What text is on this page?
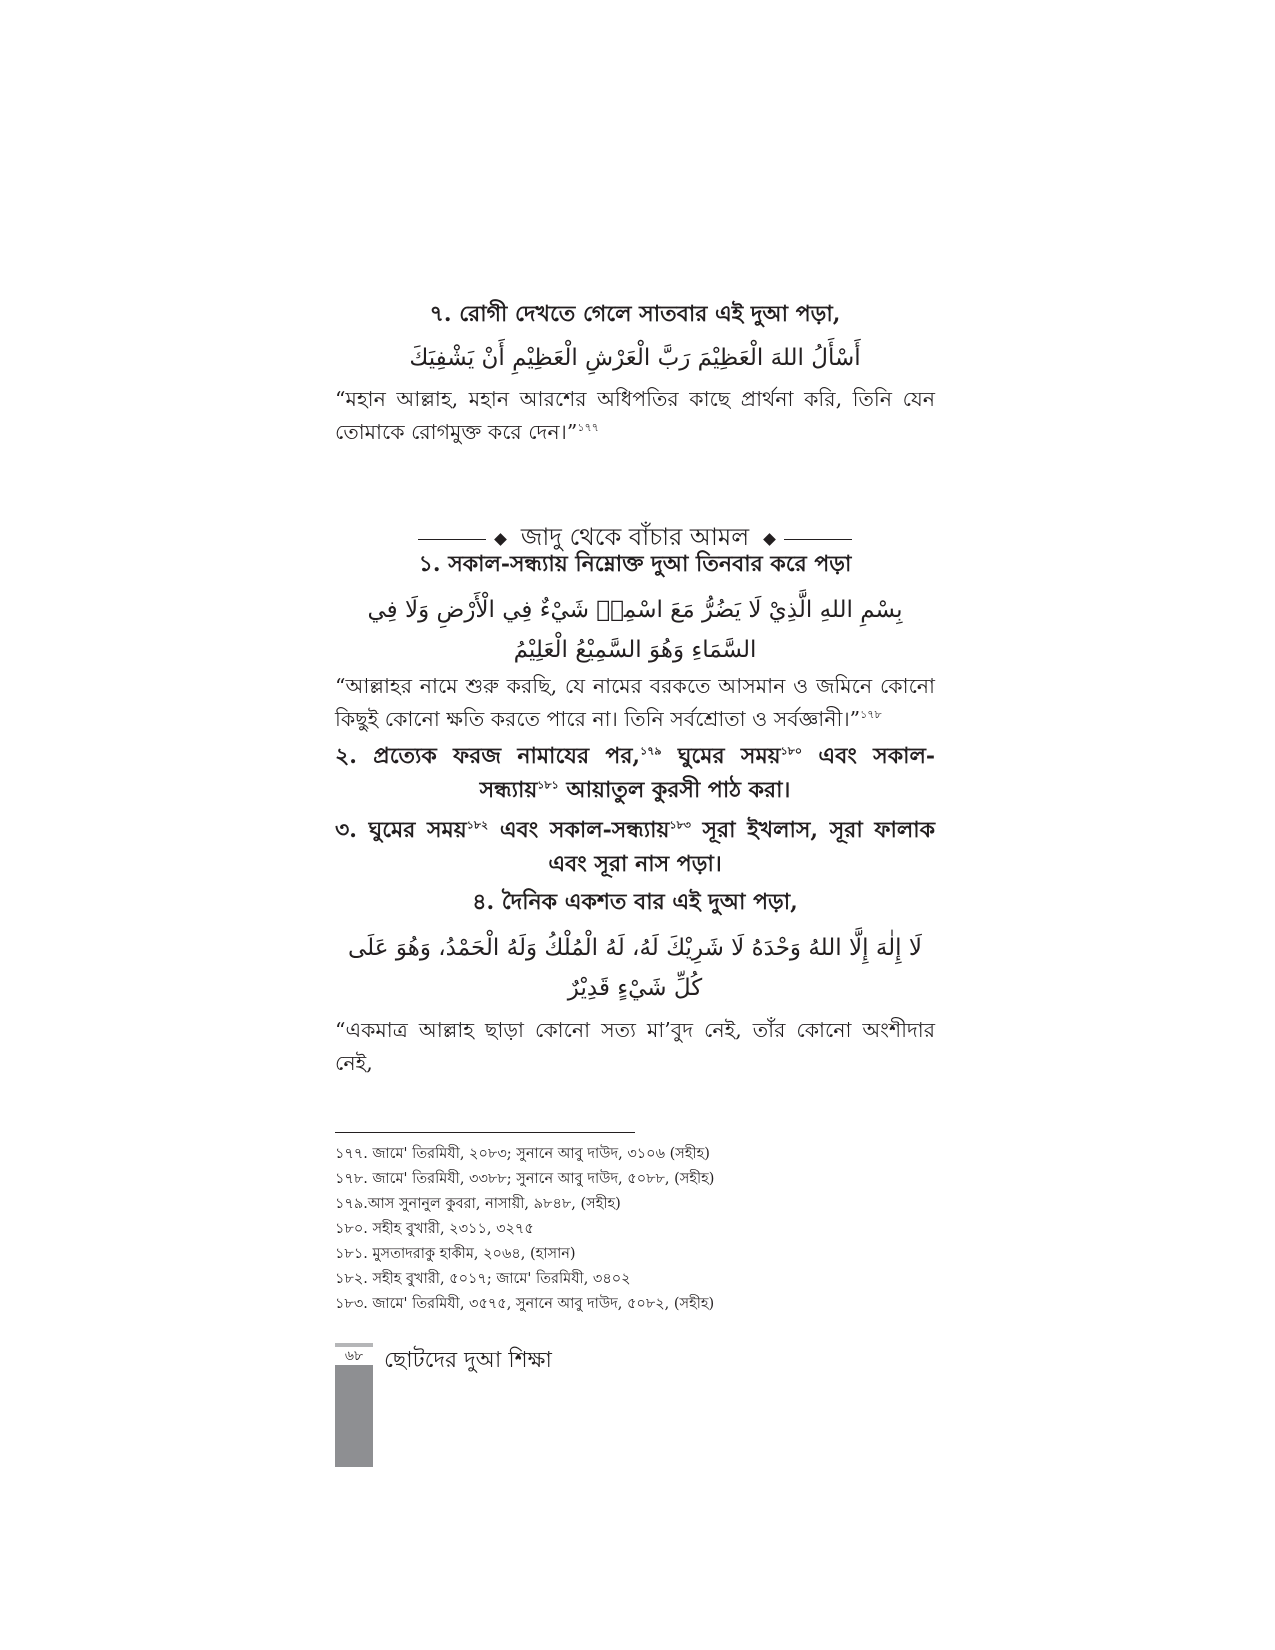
৭. রোগী দেখতে গেলে সাতবার এই দুআ পড়া,

أَسْأَلُ اللهَ الْعَظِيْمَ رَبَّ الْعَرْشِ الْعَظِيْمِ أَنْ يَشْفِيَكَ

“মহান আল্লাহ, মহান আরশের অধিপতির কাছে প্রার্থনা করি, তিনি যেন তোমাকে রোগমুক্ত করে দেন।”$^{১৭৭}$

জাদু থেকে বাঁচার আমল

১. সকাল-সন্ধ্যায় নিম্নোক্ত দুআ তিনবার করে পড়া

بِسْمِ اللهِ الَّذِيْ لَا يَضُرُّ مَعَ اسْمِهٖ شَيْءٌ فِي الْأَرْضِ وَلَا فِي السَّمَاءِ وَهُوَ السَّمِيْعُ الْعَلِيْمُ

“আল্লাহর নামে শুরু করছি, যে নামের বরকতে আসমান ও জমিনে কোনো কিছুই কোনো ক্ষতি করতে পারে না। তিনি সর্বশ্রোতা ও সর্বজ্ঞানী।”$^{১৭৮}$

২. প্রত্যেক ফরজ নামাযের পর,$^{১৭৯}$ ঘুমের সময়$^{১৮০}$ এবং সকাল-সন্ধ্যায়$^{১৮১}$ আয়াতুল কুরসী পাঠ করা।

৩. ঘুমের সময়$^{১৮২}$ এবং সকাল-সন্ধ্যায়$^{১৮৩}$ সূরা ইখলাস, সূরা ফালাক এবং সূরা নাস পড়া।

৪. দৈনিক একশত বার এই দুআ পড়া,

لَا إِلٰهَ إِلَّا اللهُ وَحْدَهُ لَا شَرِيْكَ لَهُ، لَهُ الْمُلْكُ وَلَهُ الْحَمْدُ، وَهُوَ عَلَى كُلِّ شَيْءٍ قَدِيْرٌ

“একমাত্র আল্লাহ ছাড়া কোনো সত্য মা’বুদ নেই, তাঁর কোনো অংশীদার নেই,

১৭৭. জামে' তিরমিযী, ২০৮৩; সুনানে আবু দাউদ, ৩১০৬ (সহীহ)
১৭৮. জামে' তিরমিযী, ৩৩৮৮; সুনানে আবু দাউদ, ৫০৮৮, (সহীহ)
১৭৯.আস সুনানুল কুবরা, নাসায়ী, ৯৮৪৮, (সহীহ)
১৮০. সহীহ বুখারী, ২৩১১, ৩২৭৫
১৮১. মুসতাদরাকু হাকীম, ২০৬৪, (হাসান)
১৮২. সহীহ বুখারী, ৫০১৭; জামে' তিরমিযী, ৩৪০২
১৮৩. জামে' তিরমিযী, ৩৫৭৫, সুনানে আবু দাউদ, ৫০৮২, (সহীহ)
৬৮ ছোটদের দুআ শিক্ষা
